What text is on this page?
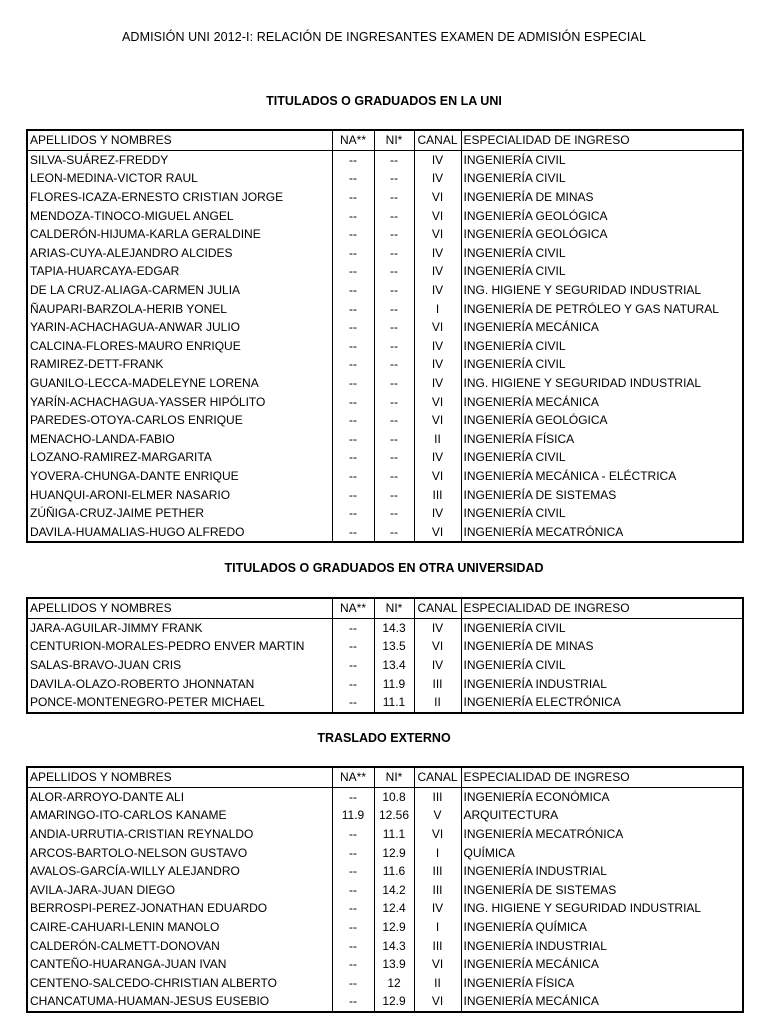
ADMISIÓN UNI 2012-I: RELACIÓN DE INGRESANTES EXAMEN DE ADMISIÓN ESPECIAL
TITULADOS O GRADUADOS EN LA UNI
APELLIDOS Y NOMBRES	NA**	NI*	CANAL	ESPECIALIDAD DE INGRESO
SILVA-SUÁREZ-FREDDY	--	--	IV	INGENIERÍA CIVIL
LEON-MEDINA-VICTOR RAUL	--	--	IV	INGENIERÍA CIVIL
FLORES-ICAZA-ERNESTO CRISTIAN JORGE	--	--	VI	INGENIERÍA DE MINAS
MENDOZA-TINOCO-MIGUEL ANGEL	--	--	VI	INGENIERÍA GEOLÓGICA
CALDERÓN-HIJUMA-KARLA GERALDINE	--	--	VI	INGENIERÍA GEOLÓGICA
ARIAS-CUYA-ALEJANDRO ALCIDES	--	--	IV	INGENIERÍA CIVIL
TAPIA-HUARCAYA-EDGAR	--	--	IV	INGENIERÍA CIVIL
DE LA CRUZ-ALIAGA-CARMEN JULIA	--	--	IV	ING. HIGIENE Y SEGURIDAD INDUSTRIAL
ÑAUPARI-BARZOLA-HERIB YONEL	--	--	I	INGENIERÍA DE PETRÓLEO Y GAS NATURAL
YARIN-ACHACHAGUA-ANWAR JULIO	--	--	VI	INGENIERÍA MECÁNICA
CALCINA-FLORES-MAURO ENRIQUE	--	--	IV	INGENIERÍA CIVIL
RAMIREZ-DETT-FRANK	--	--	IV	INGENIERÍA CIVIL
GUANILO-LECCA-MADELEYNE LORENA	--	--	IV	ING. HIGIENE Y SEGURIDAD INDUSTRIAL
YARÍN-ACHACHAGUA-YASSER HIPÓLITO	--	--	VI	INGENIERÍA MECÁNICA
PAREDES-OTOYA-CARLOS ENRIQUE	--	--	VI	INGENIERÍA GEOLÓGICA
MENACHO-LANDA-FABIO	--	--	II	INGENIERÍA FÍSICA
LOZANO-RAMIREZ-MARGARITA	--	--	IV	INGENIERÍA CIVIL
YOVERA-CHUNGA-DANTE ENRIQUE	--	--	VI	INGENIERÍA MECÁNICA - ELÉCTRICA
HUANQUI-ARONI-ELMER NASARIO	--	--	III	INGENIERÍA DE SISTEMAS
ZÚÑIGA-CRUZ-JAIME PETHER	--	--	IV	INGENIERÍA CIVIL
DAVILA-HUAMALIAS-HUGO ALFREDO	--	--	VI	INGENIERÍA MECATRÓNICA
TITULADOS O GRADUADOS EN OTRA UNIVERSIDAD
APELLIDOS Y NOMBRES	NA**	NI*	CANAL	ESPECIALIDAD DE INGRESO
JARA-AGUILAR-JIMMY FRANK	--	14.3	IV	INGENIERÍA CIVIL
CENTURION-MORALES-PEDRO ENVER MARTIN	--	13.5	VI	INGENIERÍA DE MINAS
SALAS-BRAVO-JUAN CRIS	--	13.4	IV	INGENIERÍA CIVIL
DAVILA-OLAZO-ROBERTO JHONNATAN	--	11.9	III	INGENIERÍA INDUSTRIAL
PONCE-MONTENEGRO-PETER MICHAEL	--	11.1	II	INGENIERÍA ELECTRÓNICA
TRASLADO EXTERNO
APELLIDOS Y NOMBRES	NA**	NI*	CANAL	ESPECIALIDAD DE INGRESO
ALOR-ARROYO-DANTE ALI	--	10.8	III	INGENIERÍA ECONÓMICA
AMARINGO-ITO-CARLOS KANAME	11.9	12.56	V	ARQUITECTURA
ANDIA-URRUTIA-CRISTIAN REYNALDO	--	11.1	VI	INGENIERÍA MECATRÓNICA
ARCOS-BARTOLO-NELSON GUSTAVO	--	12.9	I	QUÍMICA
AVALOS-GARCÍA-WILLY ALEJANDRO	--	11.6	III	INGENIERÍA INDUSTRIAL
AVILA-JARA-JUAN DIEGO	--	14.2	III	INGENIERÍA DE SISTEMAS
BERROSPI-PEREZ-JONATHAN EDUARDO	--	12.4	IV	ING. HIGIENE Y SEGURIDAD INDUSTRIAL
CAIRE-CAHUARI-LENIN MANOLO	--	12.9	I	INGENIERÍA QUÍMICA
CALDERÓN-CALMETT-DONOVAN	--	14.3	III	INGENIERÍA INDUSTRIAL
CANTEÑO-HUARANGA-JUAN IVAN	--	13.9	VI	INGENIERÍA MECÁNICA
CENTENO-SALCEDO-CHRISTIAN ALBERTO	--	12	II	INGENIERÍA FÍSICA
CHANCATUMA-HUAMAN-JESUS EUSEBIO	--	12.9	VI	INGENIERÍA MECÁNICA
